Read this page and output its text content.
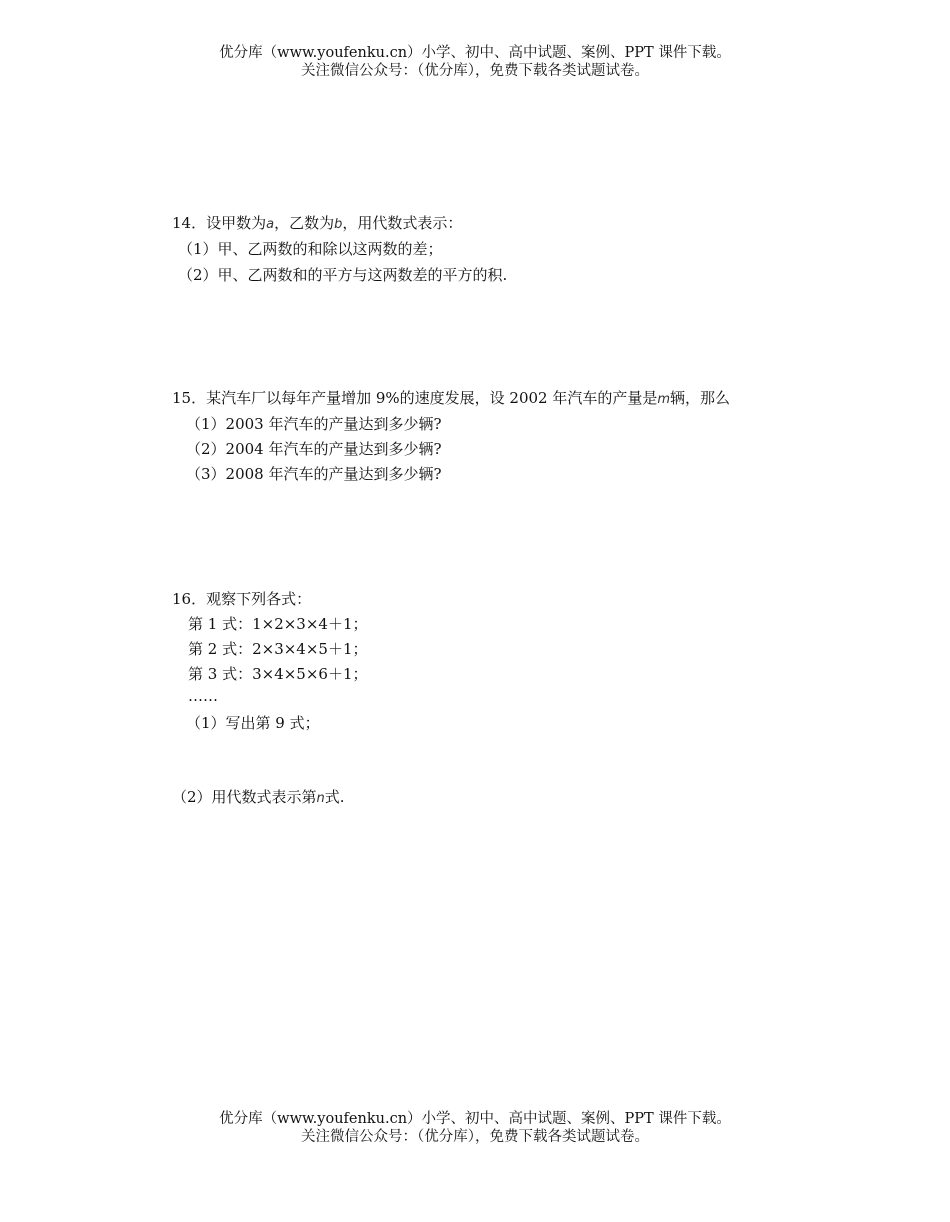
优分库（www.youfenku.cn）小学、初中、高中试题、案例、PPT 课件下载。
关注微信公众号：（优分库），免费下载各类试题试卷。
14．设甲数为a，乙数为b，用代数式表示：
（1）甲、乙两数的和除以这两数的差；
（2）甲、乙两数和的平方与这两数差的平方的积.
15．某汽车厂以每年产量增加 9%的速度发展，设 2002 年汽车的产量是m辆，那么
（1）2003 年汽车的产量达到多少辆?
（2）2004 年汽车的产量达到多少辆?
（3）2008 年汽车的产量达到多少辆?
16．观察下列各式：
第 1 式：1×2×3×4＋1；
第 2 式：2×3×4×5＋1；
第 3 式：3×4×5×6＋1；
……
（1）写出第 9 式；
（2）用代数式表示第n式.
优分库（www.youfenku.cn）小学、初中、高中试题、案例、PPT 课件下载。
关注微信公众号：（优分库），免费下载各类试题试卷。
